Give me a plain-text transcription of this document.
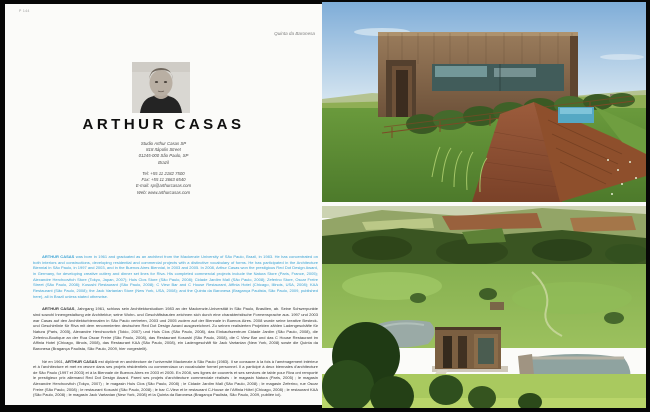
P 144
Quinta da Baronesa
ARTHUR CASAS
Studio Arthur Casas SP
818 Itápolis Street
01245-000 São Paulo, SP
Brazil
Tel: +55 11 2182 7500
Fax: +55 11 3663 6540
E-mail: sp@arthurcasas.com
Web: www.arthurcasas.com

ARTHUR CASAS was born in 1961 and graduated as an architect from the Mackenzie University of São Paulo, Brazil, in 1983. He has concentrated on both interiors and constructions, developing residential and commercial projects with a distinctive vocabulary of forms. He has participated in the Architecture Biennial in São Paulo, in 1997 and 2003, and in the Buenos Aires Biennial, in 2003 and 2005. In 2008, Arthur Casas won the prestigious Red Dot Design Award, in Germany, for developing creative cutlery and dinner set lines for Riva. His completed commercial projects include the Natura Store (Paris, France, 2005); Alexandre Herchcovitch Store (Tokyo, Japan, 2007); Huis Clos Store (São Paulo, 2008); Cidade Jardim Mall (São Paulo, 2008); Zeferino Store, Oscar Freire Street (São Paulo, 2008); Kosushi Restaurant (São Paulo, 2008); C View Bar and C House Restaurant, Affinia Hotel (Chicago, Illinois, USA, 2008); KAA Restaurant (São Paulo, 2008); the Jack Vartanian Store (New York, USA, 2008); and the Quinta da Baronesa (Bragança Paulista, São Paulo, 2009, published here), all in Brazil unless stated otherwise.

ARTHUR CASAS, Jahrgang 1961, schloss sein Architekturstudium 1983 an der Mackenzie-Universität in São Paulo, Brasilien, ab. Seine Schwerpunkte sind sowohl Innengestaltung wie Architektur; seine Wohn- und Geschäftsbauten zeichnen sich durch eine charakteristische Formensprache aus. 1997 und 2003 war Casas auf den Architekturbiennalen in São Paulo vertreten, 2003 und 2005 zudem auf der Biennale in Buenos Aires. 2008 wurde seine kreative Besteck- und Geschirrlinie für Riva mit dem renommierten deutschen Red Dot Design Award ausgezeichnet. Zu seinen realisierten Projekten zählen Ladengeschäfte für Natura (Paris, 2005), Alexandre Herchcovitch (Tokio, 2007) und Huis Clos (São Paulo, 2008), das Einkaufszentrum Cidade Jardim (São Paulo, 2008), die Zeferino-Boutique an der Rua Oscar Freire (São Paulo, 2008), das Restaurant Kosushi (São Paulo, 2008), die C View Bar und das C House Restaurant im Affinia Hotel (Chicago, Illinois, 2008), das Restaurant KAA (São Paulo, 2008), ein Ladengeschäft für Jack Vartanian (New York, 2008) sowie die Quinta da Baronesa (Bragança Paulista, São Paulo, 2009, hier vorgestellt).

Né en 1961, ARTHUR CASAS est diplômé en architecture de l'université Mackenzie à São Paulo (1983). Il se consacre à la fois à l'aménagement intérieur et à l'architecture et met en œuvre dans ses projets résidentiels ou commerciaux un vocabulaire formel personnel. Il a participé à deux biennales d'architecture de São Paulo (1997 et 2003) et à la Biennale de Buenos Aires en 2003 et 2005. En 2008, ses lignes de couverts et ses services de table pour Riva ont remporté le prestigieux prix allemand Red Dot Design Award. Parmi ses projets d'architecture commerciale réalisés : le magasin Natura (Paris, 2005) ; le magasin Alexandre Herchcovitch (Tokyo, 2007) ; le magasin Huis Clos (São Paulo, 2008) ; le Cidade Jardim Mall (São Paulo, 2008) ; le magasin Zeferino, rue Oscar Freire (São Paulo, 2008) ; le restaurant Kosushi (São Paulo, 2008) ; le bar C-View et le restaurant C-House de l'Affinia Hôtel (Chicago, 2008) ; le restaurant KAA (São Paulo, 2008) ; le magasin Jack Vartanian (New York, 2008) et la Quinta da Baronesa (Bragança Paulista, São Paulo, 2009, publiée ici).
